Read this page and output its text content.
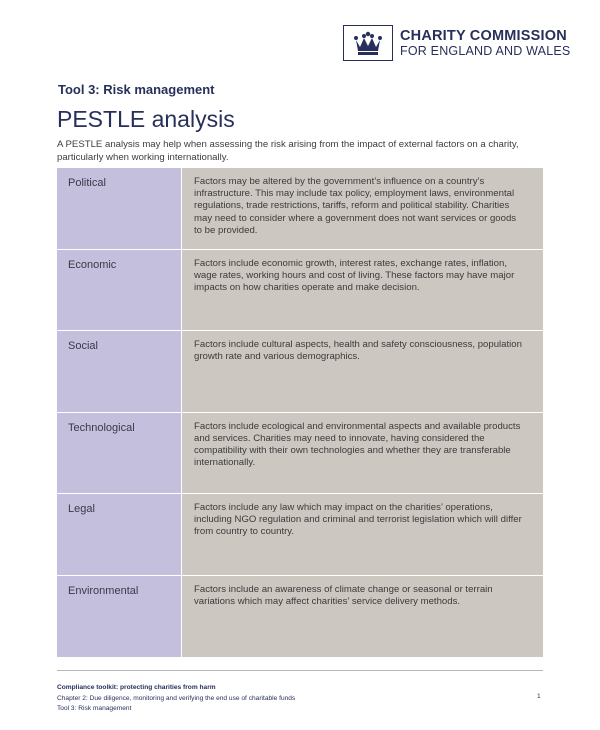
CHARITY COMMISSION
FOR ENGLAND AND WALES
Tool 3: Risk management
PESTLE analysis
A PESTLE analysis may help when assessing the risk arising from the impact of external factors on a charity, particularly when working internationally.
Political	Factors may be altered by the government’s influence on a country’s infrastructure. This may include tax policy, employment laws, environmental regulations, trade restrictions, tariffs, reform and political stability. Charities may need to consider where a government does not want services or goods to be provided.
Economic	Factors include economic growth, interest rates, exchange rates, inflation, wage rates, working hours and cost of living. These factors may have major impacts on how charities operate and make decision.
Social	Factors include cultural aspects, health and safety consciousness, population growth rate and various demographics.
Technological	Factors include ecological and environmental aspects and available products and services. Charities may need to innovate, having considered the compatibility with their own technologies and whether they are transferable internationally.
Legal	Factors include any law which may impact on the charities’ operations, including NGO regulation and criminal and terrorist legislation which will differ from country to country.
Environmental	Factors include an awareness of climate change or seasonal or terrain variations which may affect charities’ service delivery methods.
Compliance toolkit: protecting charities from harm
Chapter 2: Due diligence, monitoring and verifying the end use of charitable funds
Tool 3: Risk management
1
